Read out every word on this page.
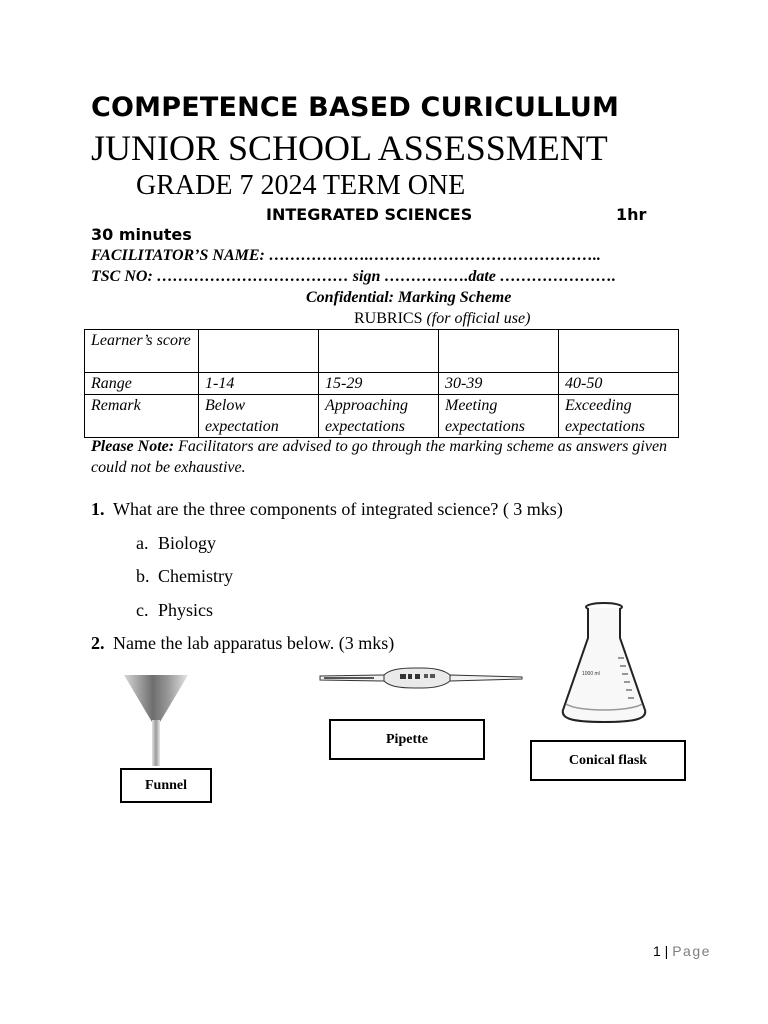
COMPETENCE BASED CURICULLUM
JUNIOR SCHOOL ASSESSMENT
GRADE 7 2024 TERM ONE
INTEGRATED SCIENCES	1hr
30 minutes
FACILITATOR’S NAME: ……………….……………………………………..
TSC NO: ……………………………… sign …………….date ………………….
Confidential: Marking Scheme
RUBRICS (for official use)
Learner’s score				
Range	1-14	15-29	30-39	40-50
Remark	Below expectation	Approaching expectations	Meeting expectations	Exceeding expectations
Please Note: Facilitators are advised to go through the marking scheme as answers given could not be exhaustive.
1. What are the three components of integrated science? ( 3 mks)
a. Biology
b. Chemistry
c. Physics
2. Name the lab apparatus below. (3 mks)
1000 ml
Funnel
Pipette
Conical flask
1 | Page
